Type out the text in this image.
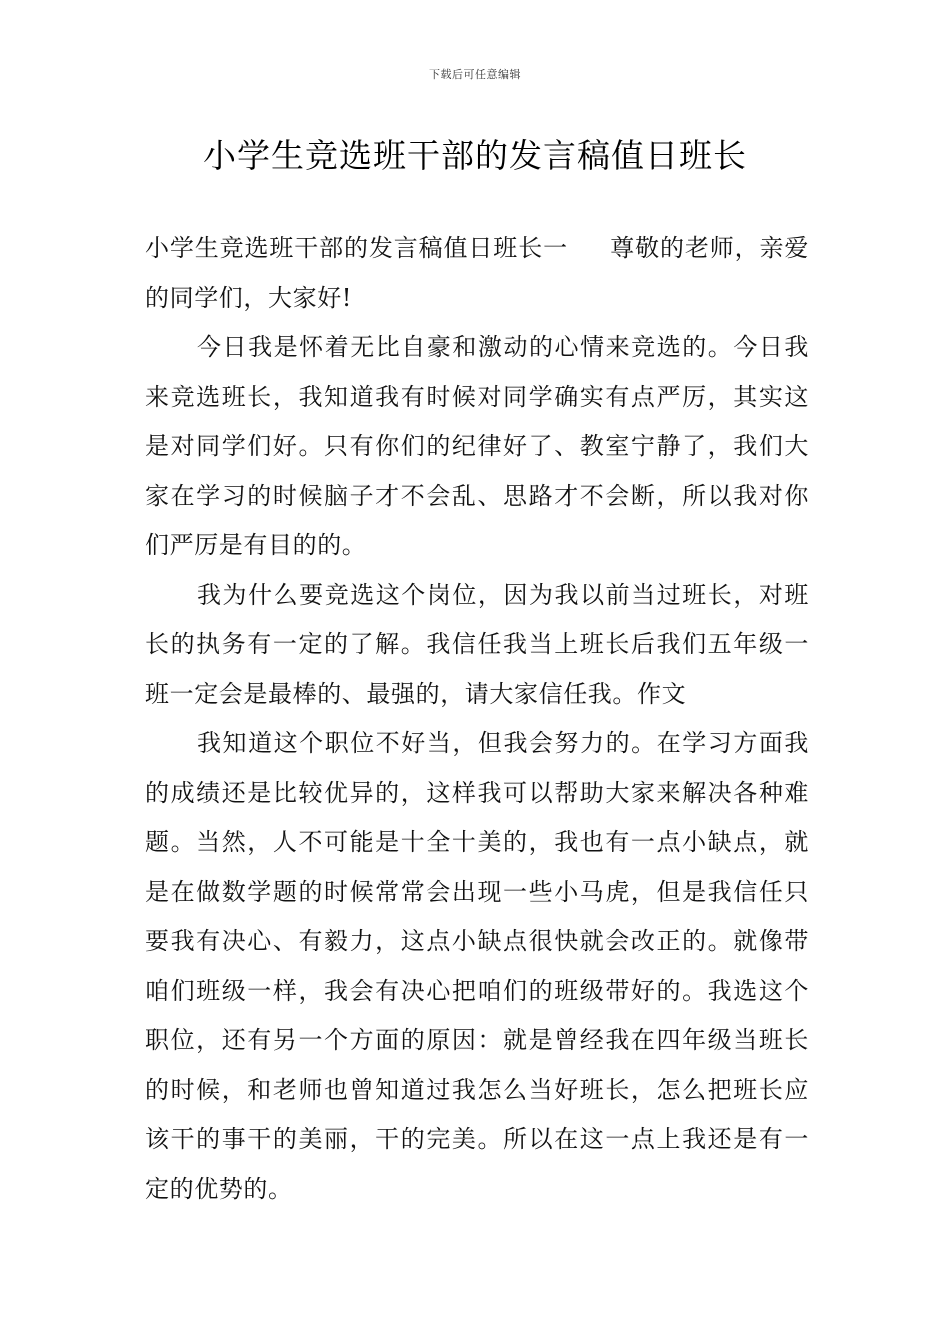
下载后可任意编辑
小学生竞选班干部的发言稿值日班长

小学生竞选班干部的发言稿值日班长一 尊敬的老师，亲爱的同学们，大家好!

今日我是怀着无比自豪和激动的心情来竞选的。今日我来竞选班长，我知道我有时候对同学确实有点严厉，其实这是对同学们好。只有你们的纪律好了、教室宁静了，我们大家在学习的时候脑子才不会乱、思路才不会断，所以我对你们严厉是有目的的。

我为什么要竞选这个岗位，因为我以前当过班长，对班长的执务有一定的了解。我信任我当上班长后我们五年级一班一定会是最棒的、最强的，请大家信任我。作文

我知道这个职位不好当，但我会努力的。在学习方面我的成绩还是比较优异的，这样我可以帮助大家来解决各种难题。当然，人不可能是十全十美的，我也有一点小缺点，就是在做数学题的时候常常会出现一些小马虎，但是我信任只要我有决心、有毅力，这点小缺点很快就会改正的。就像带咱们班级一样，我会有决心把咱们的班级带好的。我选这个职位，还有另一个方面的原因：就是曾经我在四年级当班长的时候，和老师也曾知道过我怎么当好班长，怎么把班长应该干的事干的美丽，干的完美。所以在这一点上我还是有一定的优势的。
